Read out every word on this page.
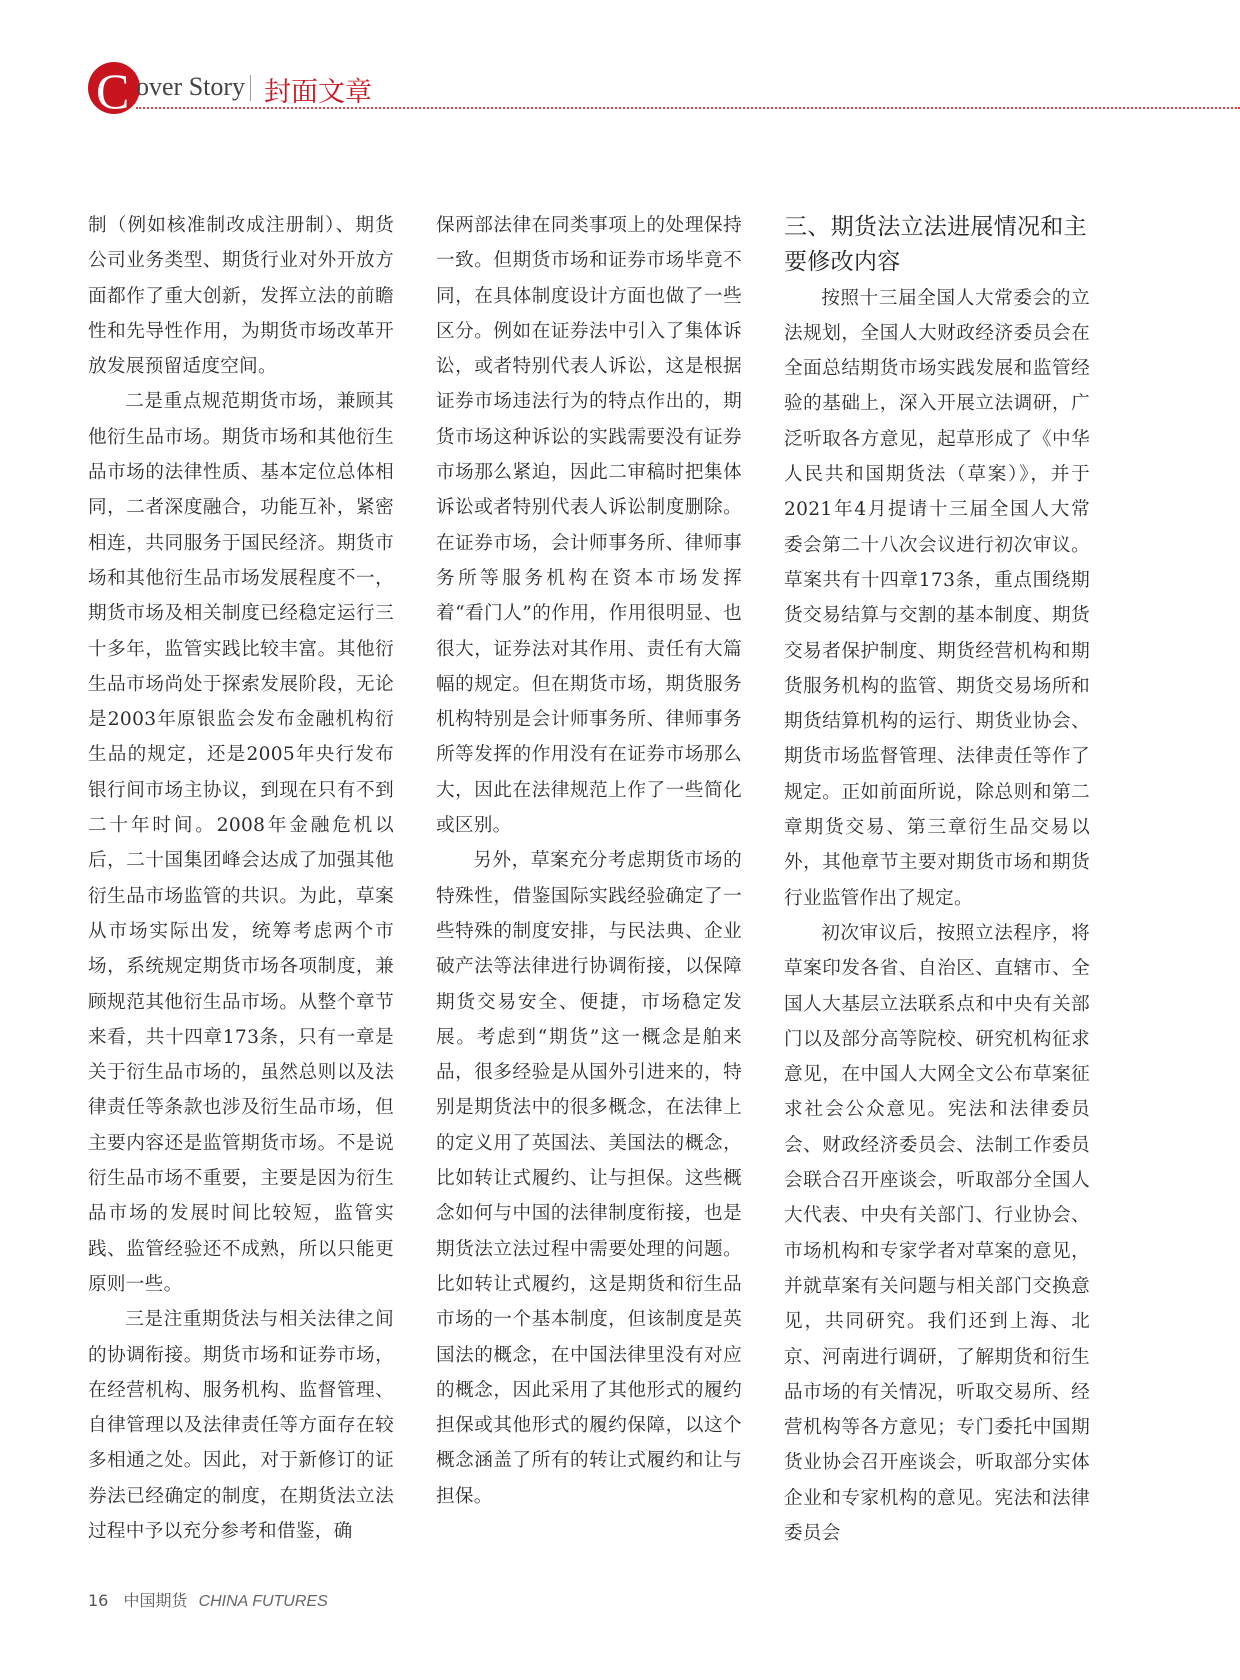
C over Story 封面文章

制（例如核准制改成注册制）、期货公司业务类型、期货行业对外开放方面都作了重大创新，发挥立法的前瞻性和先导性作用，为期货市场改革开放发展预留适度空间。

二是重点规范期货市场，兼顾其他衍生品市场。期货市场和其他衍生品市场的法律性质、基本定位总体相同，二者深度融合，功能互补，紧密相连，共同服务于国民经济。期货市场和其他衍生品市场发展程度不一，期货市场及相关制度已经稳定运行三十多年，监管实践比较丰富。其他衍生品市场尚处于探索发展阶段，无论是2003年原银监会发布金融机构衍生品的规定，还是2005年央行发布银行间市场主协议，到现在只有不到二十年时间。2008年金融危机以后，二十国集团峰会达成了加强其他衍生品市场监管的共识。为此，草案从市场实际出发，统筹考虑两个市场，系统规定期货市场各项制度，兼顾规范其他衍生品市场。从整个章节来看，共十四章173条，只有一章是关于衍生品市场的，虽然总则以及法律责任等条款也涉及衍生品市场，但主要内容还是监管期货市场。不是说衍生品市场不重要，主要是因为衍生品市场的发展时间比较短，监管实践、监管经验还不成熟，所以只能更原则一些。

三是注重期货法与相关法律之间的协调衔接。期货市场和证券市场，在经营机构、服务机构、监督管理、自律管理以及法律责任等方面存在较多相通之处。因此，对于新修订的证券法已经确定的制度，在期货法立法过程中予以充分参考和借鉴，确

保两部法律在同类事项上的处理保持一致。但期货市场和证券市场毕竟不同，在具体制度设计方面也做了一些区分。例如在证券法中引入了集体诉讼，或者特别代表人诉讼，这是根据证券市场违法行为的特点作出的，期货市场这种诉讼的实践需要没有证券市场那么紧迫，因此二审稿时把集体诉讼或者特别代表人诉讼制度删除。在证券市场，会计师事务所、律师事务所等服务机构在资本市场发挥着“看门人”的作用，作用很明显、也很大，证券法对其作用、责任有大篇幅的规定。但在期货市场，期货服务机构特别是会计师事务所、律师事务所等发挥的作用没有在证券市场那么大，因此在法律规范上作了一些简化或区别。

另外，草案充分考虑期货市场的特殊性，借鉴国际实践经验确定了一些特殊的制度安排，与民法典、企业破产法等法律进行协调衔接，以保障期货交易安全、便捷，市场稳定发展。考虑到“期货”这一概念是舶来品，很多经验是从国外引进来的，特别是期货法中的很多概念，在法律上的定义用了英国法、美国法的概念，比如转让式履约、让与担保。这些概念如何与中国的法律制度衔接，也是期货法立法过程中需要处理的问题。比如转让式履约，这是期货和衍生品市场的一个基本制度，但该制度是英国法的概念，在中国法律里没有对应的概念，因此采用了其他形式的履约担保或其他形式的履约保障，以这个概念涵盖了所有的转让式履约和让与担保。

三、期货法立法进展情况和主要修改内容

按照十三届全国人大常委会的立法规划，全国人大财政经济委员会在全面总结期货市场实践发展和监管经验的基础上，深入开展立法调研，广泛听取各方意见，起草形成了《中华人民共和国期货法（草案）》，并于2021年4月提请十三届全国人大常委会第二十八次会议进行初次审议。草案共有十四章173条，重点围绕期货交易结算与交割的基本制度、期货交易者保护制度、期货经营机构和期货服务机构的监管、期货交易场所和期货结算机构的运行、期货业协会、期货市场监督管理、法律责任等作了规定。正如前面所说，除总则和第二章期货交易、第三章衍生品交易以外，其他章节主要对期货市场和期货行业监管作出了规定。

初次审议后，按照立法程序，将草案印发各省、自治区、直辖市、全国人大基层立法联系点和中央有关部门以及部分高等院校、研究机构征求意见，在中国人大网全文公布草案征求社会公众意见。宪法和法律委员会、财政经济委员会、法制工作委员会联合召开座谈会，听取部分全国人大代表、中央有关部门、行业协会、市场机构和专家学者对草案的意见，并就草案有关问题与相关部门交换意见，共同研究。我们还到上海、北京、河南进行调研，了解期货和衍生品市场的有关情况，听取交易所、经营机构等各方意见；专门委托中国期货业协会召开座谈会，听取部分实体企业和专家机构的意见。宪法和法律委员会

16 中国期货 CHINA FUTURES
